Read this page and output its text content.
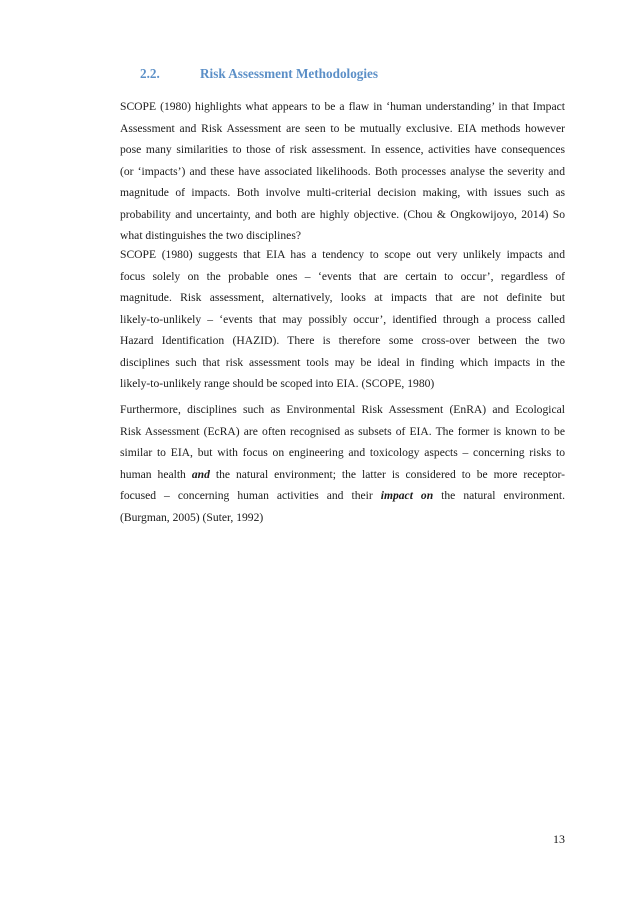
2.2.	Risk Assessment Methodologies
SCOPE (1980) highlights what appears to be a flaw in ‘human understanding’ in that Impact
Assessment and Risk Assessment are seen to be mutually exclusive. EIA methods however
pose many similarities to those of risk assessment. In essence, activities have consequences
(or ‘impacts’) and these have associated likelihoods. Both processes analyse the severity and
magnitude of impacts. Both involve multi-criterial decision making, with issues such as
probability and uncertainty, and both are highly objective. (Chou & Ongkowijoyo, 2014) So
what distinguishes the two disciplines?
SCOPE (1980) suggests that EIA has a tendency to scope out very unlikely impacts and
focus solely on the probable ones – ‘events that are certain to occur’, regardless of
magnitude. Risk assessment, alternatively, looks at impacts that are not definite but
likely-to-unlikely – ‘events that may possibly occur’, identified through a process called
Hazard Identification (HAZID). There is therefore some cross-over between the two
disciplines such that risk assessment tools may be ideal in finding which impacts in the
likely-to-unlikely range should be scoped into EIA. (SCOPE, 1980)
Furthermore, disciplines such as Environmental Risk Assessment (EnRA) and Ecological
Risk Assessment (EcRA) are often recognised as subsets of EIA. The former is known to be
similar to EIA, but with focus on engineering and toxicology aspects – concerning risks to
human health and the natural environment; the latter is considered to be more receptor-
focused – concerning human activities and their impact on the natural environment.
(Burgman, 2005) (Suter, 1992)
13
